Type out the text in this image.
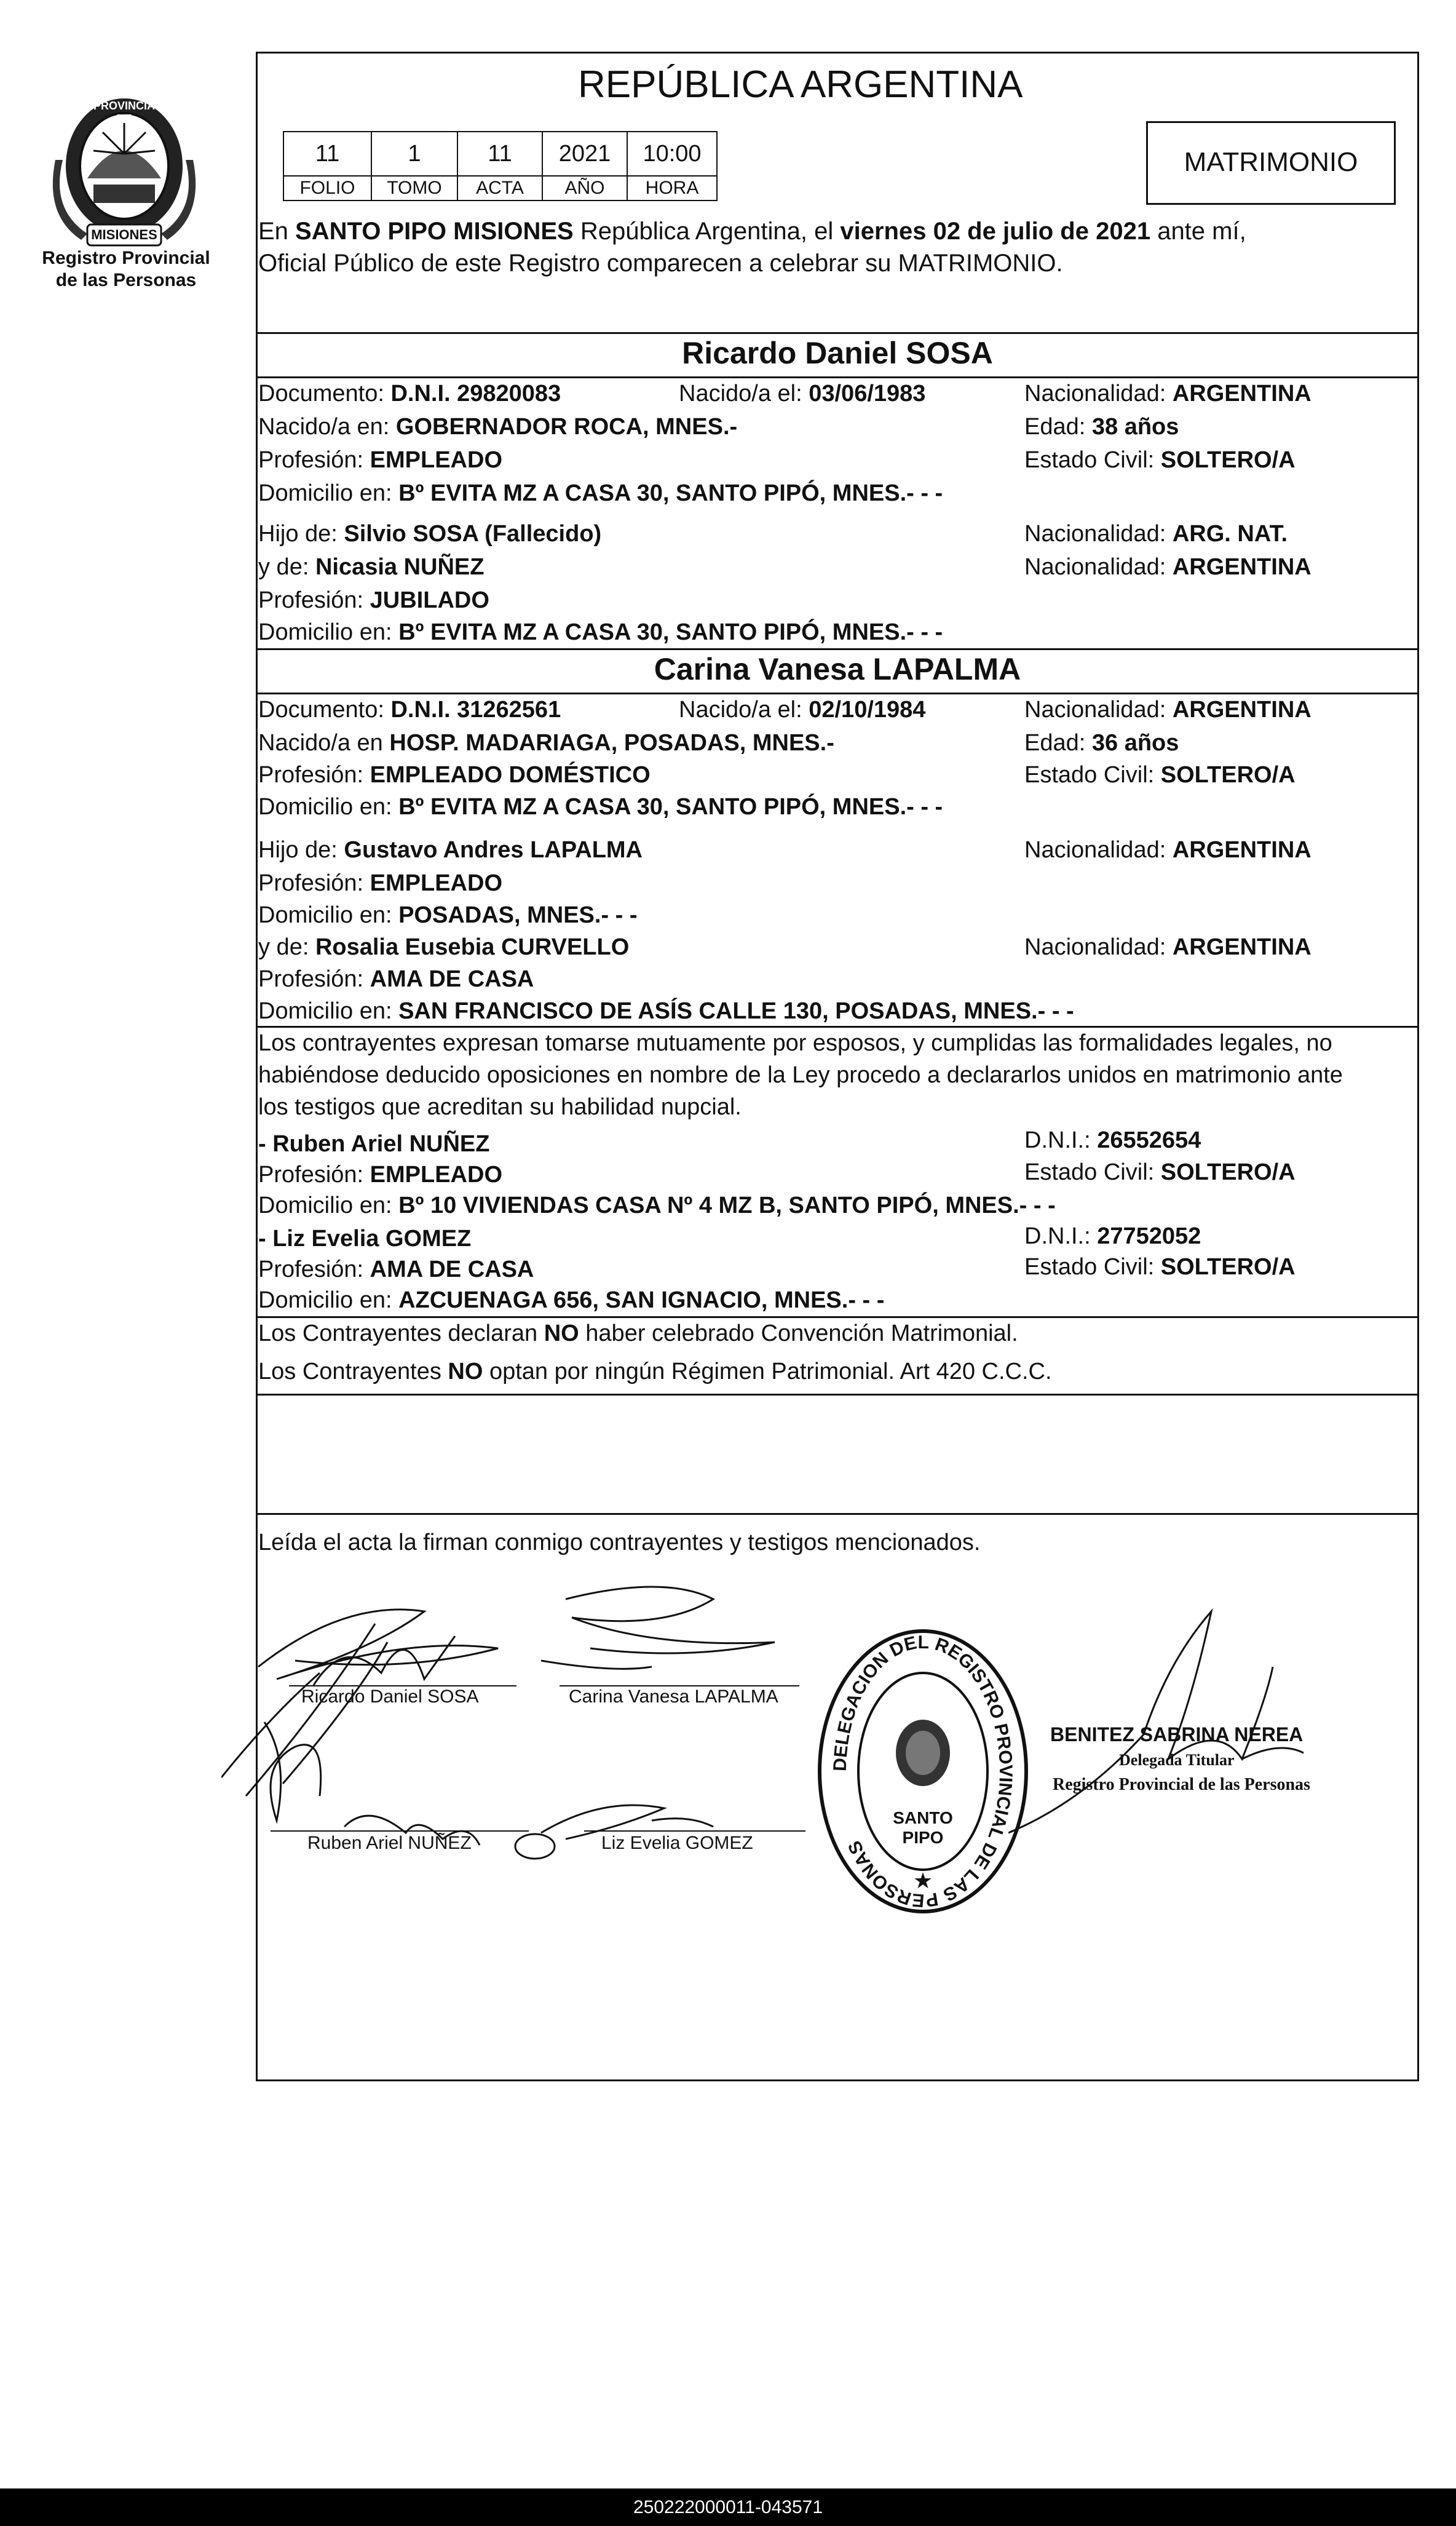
PROVINCIA DE
MISIONES
Registro Provincial
de las Personas
REPÚBLICA ARGENTINA
11	1	11	2021	10:00
FOLIO	TOMO	ACTA	AÑO	HORA
MATRIMONIO
En SANTO PIPO MISIONES República Argentina, el viernes 02 de julio de 2021 ante mí,
Oficial Público de este Registro comparecen a celebrar su MATRIMONIO.
Ricardo Daniel SOSA
Documento: D.N.I. 29820083	Nacido/a el: 03/06/1983	Nacionalidad: ARGENTINA
Nacido/a en: GOBERNADOR ROCA, MNES.-	Edad: 38 años
Profesión: EMPLEADO	Estado Civil: SOLTERO/A
Domicilio en: Bº EVITA MZ A CASA 30, SANTO PIPÓ, MNES.- - -
Hijo de: Silvio SOSA (Fallecido)	Nacionalidad: ARG. NAT.
y de: Nicasia NUÑEZ	Nacionalidad: ARGENTINA
Profesión: JUBILADO
Domicilio en: Bº EVITA MZ A CASA 30, SANTO PIPÓ, MNES.- - -
Carina Vanesa LAPALMA
Documento: D.N.I. 31262561	Nacido/a el: 02/10/1984	Nacionalidad: ARGENTINA
Nacido/a en HOSP. MADARIAGA, POSADAS, MNES.-	Edad: 36 años
Profesión: EMPLEADO DOMÉSTICO	Estado Civil: SOLTERO/A
Domicilio en: Bº EVITA MZ A CASA 30, SANTO PIPÓ, MNES.- - -
Hijo de: Gustavo Andres LAPALMA	Nacionalidad: ARGENTINA
Profesión: EMPLEADO
Domicilio en: POSADAS, MNES.- - -
y de: Rosalia Eusebia CURVELLO	Nacionalidad: ARGENTINA
Profesión: AMA DE CASA
Domicilio en: SAN FRANCISCO DE ASÍS CALLE 130, POSADAS, MNES.- - -
Los contrayentes expresan tomarse mutuamente por esposos, y cumplidas las formalidades legales, no
habiéndose deducido oposiciones en nombre de la Ley procedo a declararlos unidos en matrimonio ante
los testigos que acreditan su habilidad nupcial.
- Ruben Ariel NUÑEZ	D.N.I.: 26552654
Profesión: EMPLEADO	Estado Civil: SOLTERO/A
Domicilio en: Bº 10 VIVIENDAS CASA Nº 4 MZ B, SANTO PIPÓ, MNES.- - -
- Liz Evelia GOMEZ	D.N.I.: 27752052
Profesión: AMA DE CASA	Estado Civil: SOLTERO/A
Domicilio en: AZCUENAGA 656, SAN IGNACIO, MNES.- - -
Los Contrayentes declaran NO haber celebrado Convención Matrimonial.
Los Contrayentes NO optan por ningún Régimen Patrimonial. Art 420 C.C.C.
Leída el acta la firman conmigo contrayentes y testigos mencionados.
Ricardo Daniel SOSA	Carina Vanesa LAPALMA
Ruben Ariel NUÑEZ	Liz Evelia GOMEZ
DELEGACION DEL REGISTRO PROVINCIAL DE LAS PERSONAS
★
SANTO PIPO
BENITEZ SABRINA NEREA
Delegada Titular
Registro Provincial de las Personas
250222000011-043571
